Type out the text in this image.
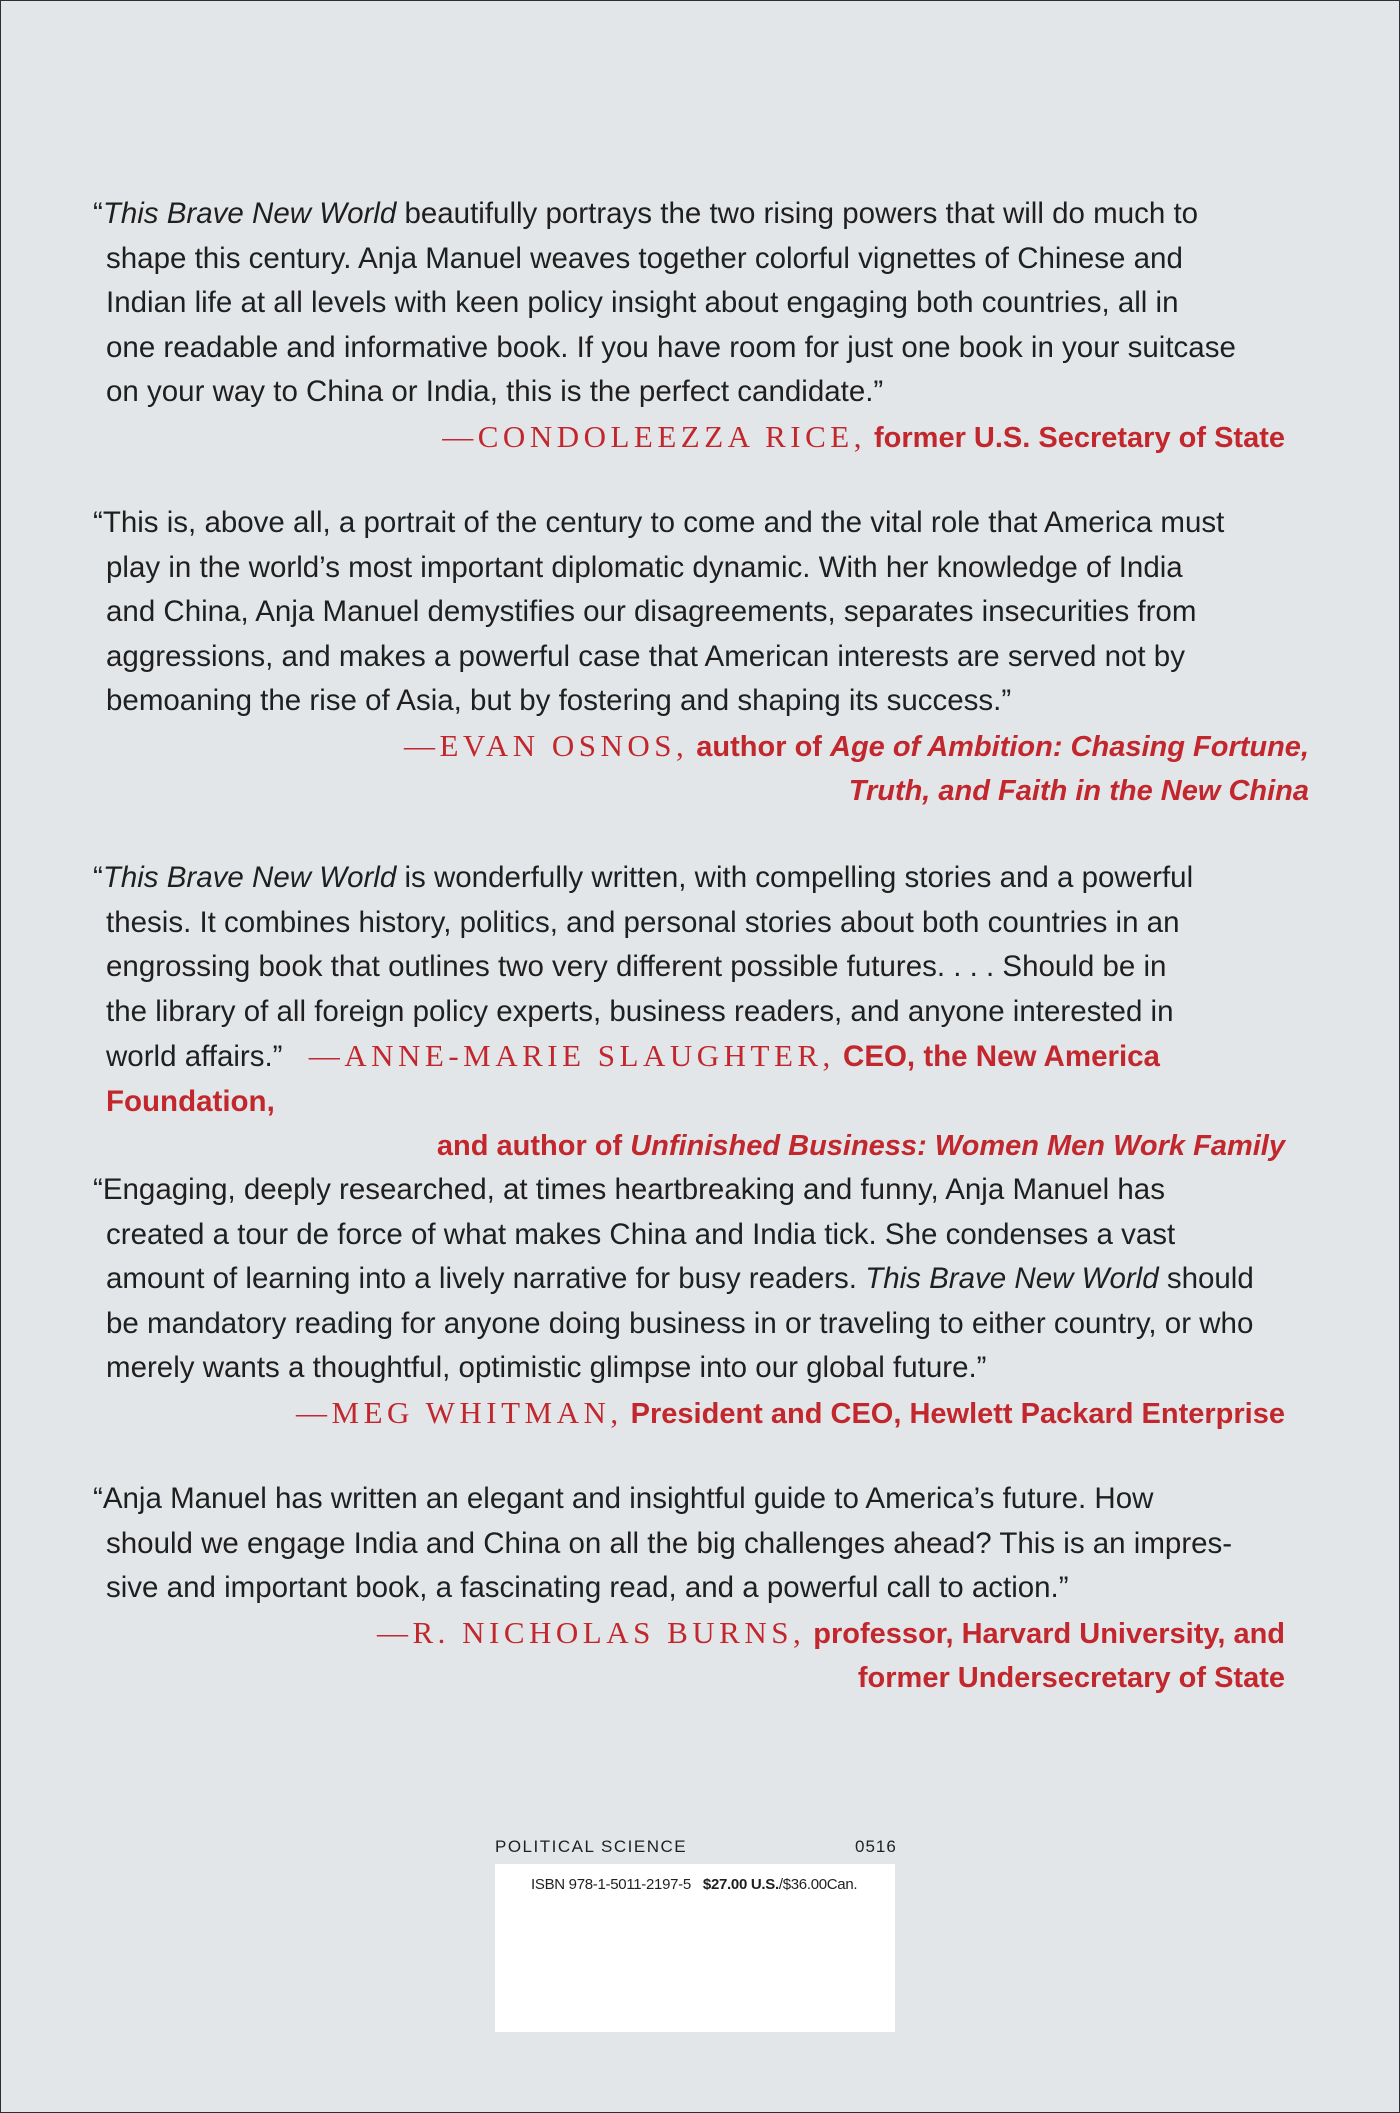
“This Brave New World beautifully portrays the two rising powers that will do much to
shape this century. Anja Manuel weaves together colorful vignettes of Chinese and
Indian life at all levels with keen policy insight about engaging both countries, all in
one readable and informative book. If you have room for just one book in your suitcase
on your way to China or India, this is the perfect candidate.”

—CONDOLEEZZA RICE, former U.S. Secretary of State

“This is, above all, a portrait of the century to come and the vital role that America must
play in the world’s most important diplomatic dynamic. With her knowledge of India
and China, Anja Manuel demystifies our disagreements, separates insecurities from
aggressions, and makes a powerful case that American interests are served not by
bemoaning the rise of Asia, but by fostering and shaping its success.”

—EVAN OSNOS, author of Age of Ambition: Chasing Fortune,
Truth, and Faith in the New China

“This Brave New World is wonderfully written, with compelling stories and a powerful
thesis. It combines history, politics, and personal stories about both countries in an
engrossing book that outlines two very different possible futures. . . . Should be in
the library of all foreign policy experts, business readers, and anyone interested in
world affairs.” —ANNE-MARIE SLAUGHTER, CEO, the New America Foundation,

and author of Unfinished Business: Women Men Work Family

“Engaging, deeply researched, at times heartbreaking and funny, Anja Manuel has
created a tour de force of what makes China and India tick. She condenses a vast
amount of learning into a lively narrative for busy readers. This Brave New World should
be mandatory reading for anyone doing business in or traveling to either country, or who
merely wants a thoughtful, optimistic glimpse into our global future.”

—MEG WHITMAN, President and CEO, Hewlett Packard Enterprise

“Anja Manuel has written an elegant and insightful guide to America’s future. How
should we engage India and China on all the big challenges ahead? This is an impres-
sive and important book, a fascinating read, and a powerful call to action.”

—R. NICHOLAS BURNS, professor, Harvard University, and
former Undersecretary of State

POLITICAL SCIENCE	0516
ISBN 978-1-5011-2197-5 $27.00 U.S./$36.00Can.
